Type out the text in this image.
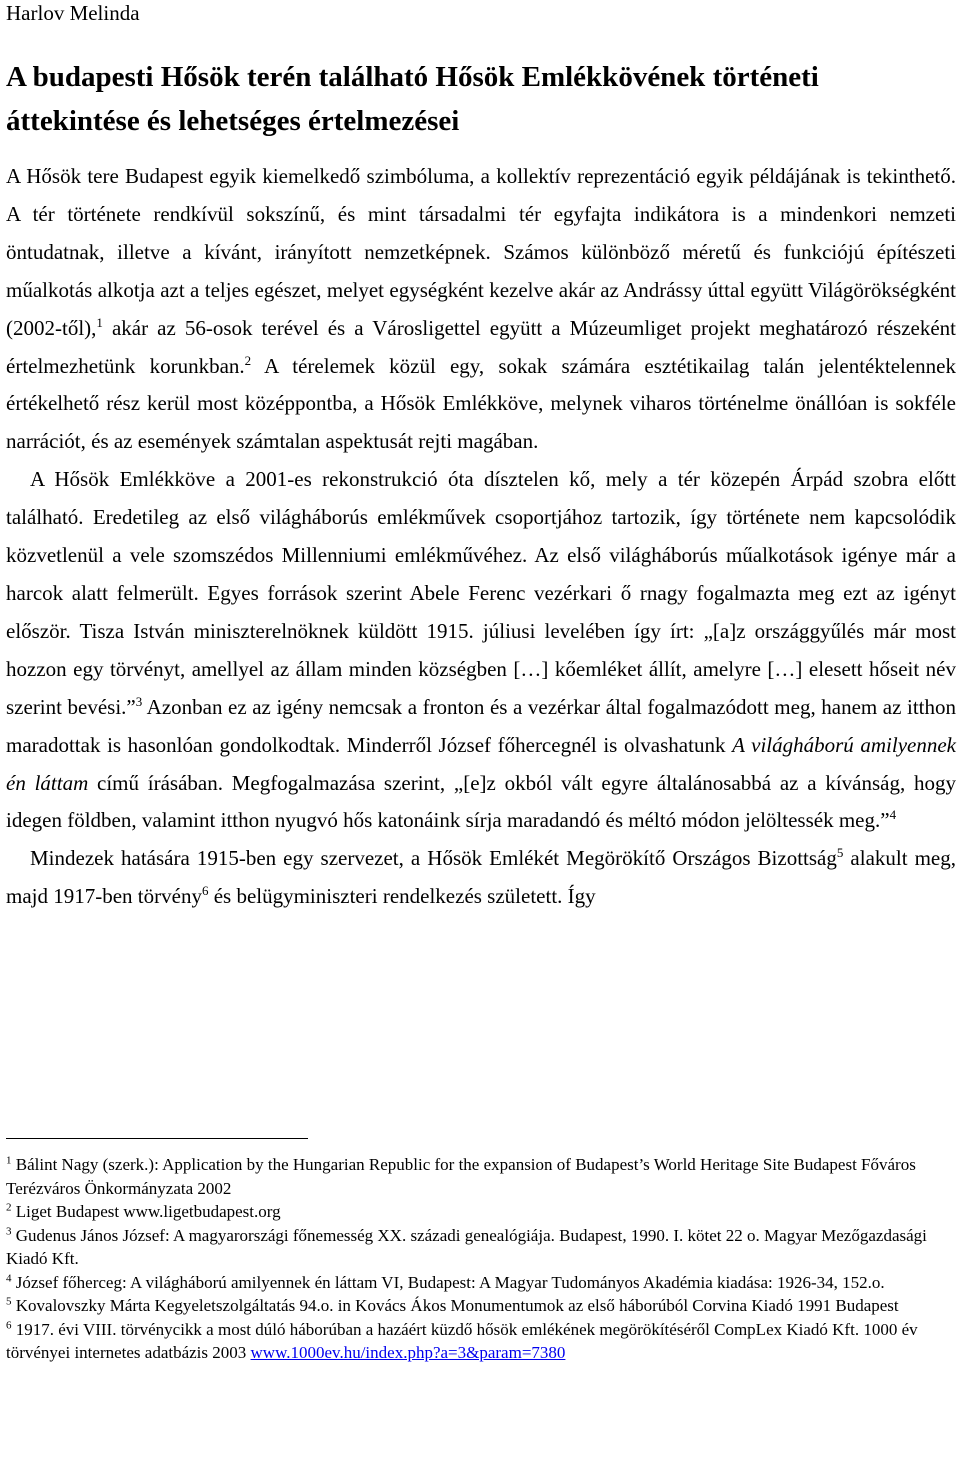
Harlov Melinda
A budapesti Hősök terén található Hősök Emlékkövének történeti áttekintése és lehetséges értelmezései

A Hősök tere Budapest egyik kiemelkedő szimbóluma, a kollektív reprezentáció egyik példájának is tekinthető. A tér története rendkívül sokszínű, és mint társadalmi tér egyfajta indikátora is a mindenkori nemzeti öntudatnak, illetve a kívánt, irányított nemzetképnek. Számos különböző méretű és funkciójú építészeti műalkotás alkotja azt a teljes egészet, melyet egységként kezelve akár az Andrássy úttal együtt Világörökségként (2002-től),$^1$ akár az 56-osok terével és a Városligettel együtt a Múzeumliget projekt meghatározó részeként értelmezhetünk korunkban.$^2$ A térelemek közül egy, sokak számára esztétikailag talán jelentéktelennek értékelhető rész kerül most középpontba, a Hősök Emlékköve, melynek viharos történelme önállóan is sokféle narrációt, és az események számtalan aspektusát rejti magában.

A Hősök Emlékköve a 2001-es rekonstrukció óta dísztelen kő, mely a tér közepén Árpád szobra előtt található. Eredetileg az első világháborús emlékművek csoportjához tartozik, így története nem kapcsolódik közvetlenül a vele szomszédos Millenniumi emlékművéhez. Az első világháborús műalkotások igénye már a harcok alatt felmerült. Egyes források szerint Abele Ferenc vezérkari ő rnagy fogalmazta meg ezt az igényt először. Tisza István miniszterelnöknek küldött 1915. júliusi levelében így írt: „[a]z országgyűlés már most hozzon egy törvényt, amellyel az állam minden községben […] kőemléket állít, amelyre […] elesett hőseit név szerint bevési.”$^3$ Azonban ez az igény nemcsak a fronton és a vezérkar által fogalmazódott meg, hanem az itthon maradottak is hasonlóan gondolkodtak. Minderről József főhercegnél is olvashatunk A világháború amilyennek én láttam című írásában. Megfogalmazása szerint, „[e]z okból vált egyre általánosabbá az a kívánság, hogy idegen földben, valamint itthon nyugvó hős katonáink sírja maradandó és méltó módon jelöltessék meg.”$^4$

Mindezek hatására 1915-ben egy szervezet, a Hősök Emlékét Megörökítő Országos Bizottság$^5$ alakult meg, majd 1917-ben törvény$^6$ és belügyminiszteri rendelkezés született. Így

$^1$ Bálint Nagy (szerk.): Application by the Hungarian Republic for the expansion of Budapest’s World Heritage Site Budapest Főváros Terézváros Önkormányzata 2002

$^2$ Liget Budapest www.ligetbudapest.org

$^3$ Gudenus János József: A magyarországi főnemesség XX. századi genealógiája. Budapest, 1990. I. kötet 22 o. Magyar Mezőgazdasági Kiadó Kft.

$^4$ József főherceg: A világháború amilyennek én láttam VI, Budapest: A Magyar Tudományos Akadémia kiadása: 1926-34, 152.o.

$^5$ Kovalovszky Márta Kegyeletszolgáltatás 94.o. in Kovács Ákos Monumentumok az első háborúból Corvina Kiadó 1991 Budapest

$^6$ 1917. évi VIII. törvénycikk a most dúló háborúban a hazáért küzdő hősök emlékének megörökítéséről CompLex Kiadó Kft. 1000 év törvényei internetes adatbázis 2003 www.1000ev.hu/index.php?a=3&param=7380
